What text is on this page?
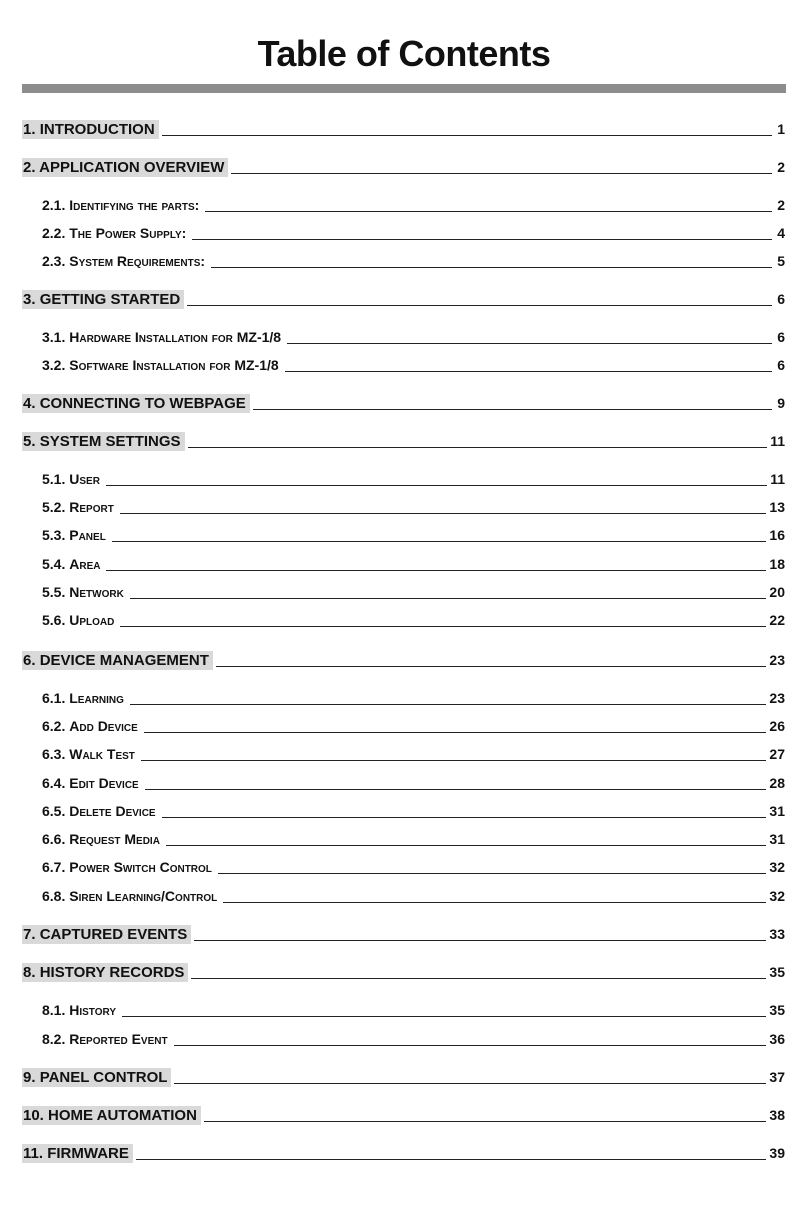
Table of Contents
1. INTRODUCTION	1
2. APPLICATION OVERVIEW	2
2.1. Identifying the parts:	2
2.2. The Power Supply:	4
2.3. System Requirements:	5
3. GETTING STARTED	6
3.1. Hardware Installation for MZ-1/8	6
3.2. Software Installation for MZ-1/8	6
4. CONNECTING TO WEBPAGE	9
5. SYSTEM SETTINGS	11
5.1. User	11
5.2. Report	13
5.3. Panel	16
5.4. Area	18
5.5. Network	20
5.6. Upload	22
6. DEVICE MANAGEMENT	23
6.1. Learning	23
6.2. Add Device	26
6.3. Walk Test	27
6.4. Edit Device	28
6.5. Delete Device	31
6.6. Request Media	31
6.7. Power Switch Control	32
6.8. Siren Learning/Control	32
7. CAPTURED EVENTS	33
8. HISTORY RECORDS	35
8.1. History	35
8.2. Reported Event	36
9. PANEL CONTROL	37
10. HOME AUTOMATION	38
11. FIRMWARE	39
